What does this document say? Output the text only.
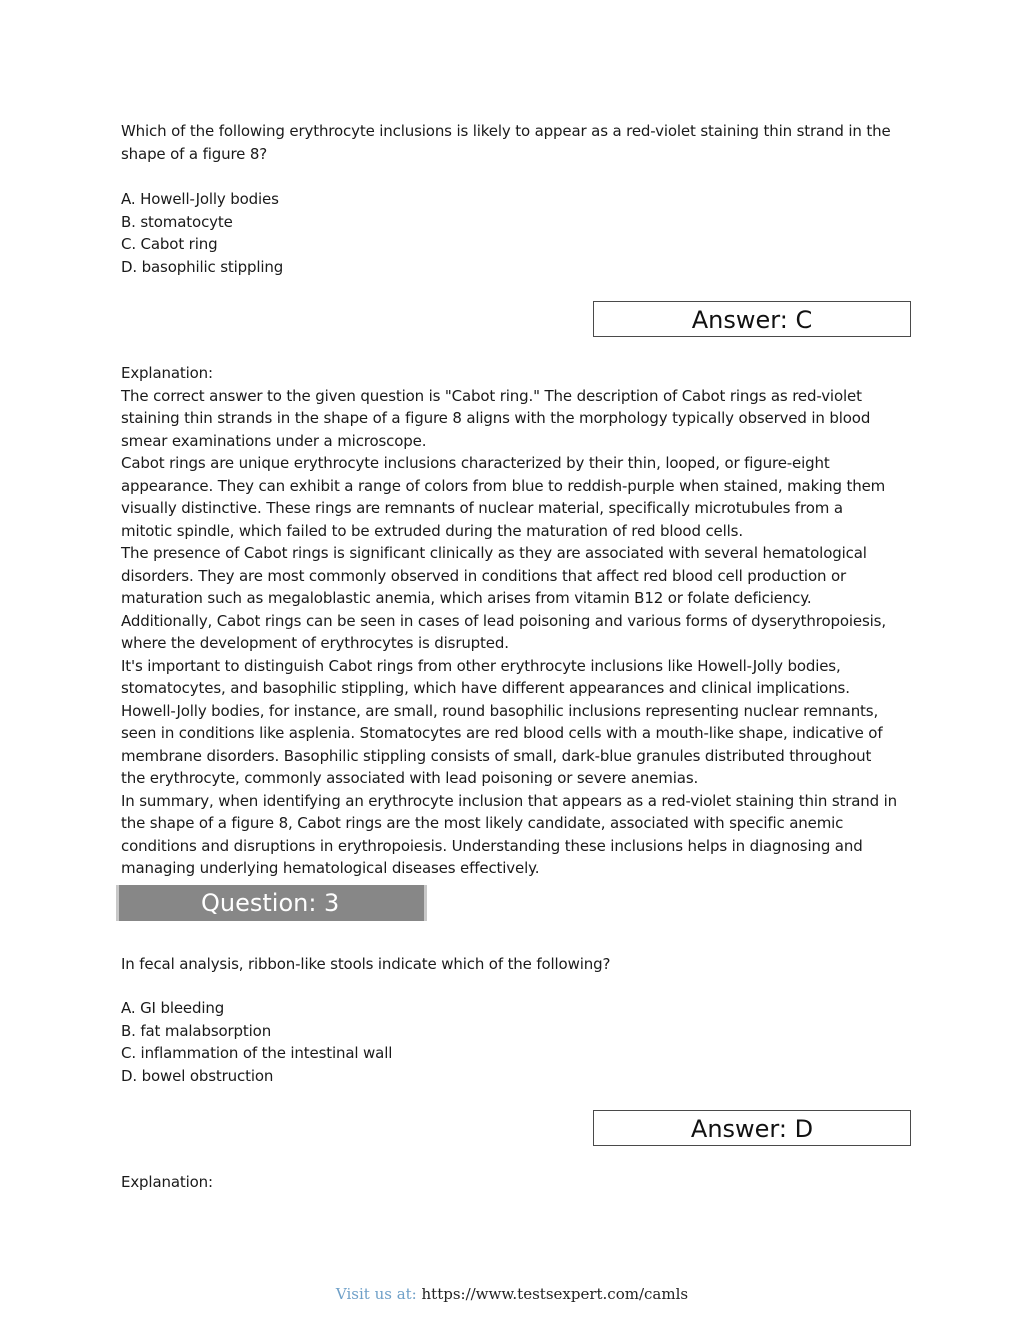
Which of the following erythrocyte inclusions is likely to appear as a red-violet staining thin strand in the
shape of a figure 8?
A. Howell-Jolly bodies
B. stomatocyte
C. Cabot ring
D. basophilic stippling
Answer: C
Explanation:
The correct answer to the given question is "Cabot ring." The description of Cabot rings as red-violet
staining thin strands in the shape of a figure 8 aligns with the morphology typically observed in blood
smear examinations under a microscope.
Cabot rings are unique erythrocyte inclusions characterized by their thin, looped, or figure-eight
appearance. They can exhibit a range of colors from blue to reddish-purple when stained, making them
visually distinctive. These rings are remnants of nuclear material, specifically microtubules from a
mitotic spindle, which failed to be extruded during the maturation of red blood cells.
The presence of Cabot rings is significant clinically as they are associated with several hematological
disorders. They are most commonly observed in conditions that affect red blood cell production or
maturation such as megaloblastic anemia, which arises from vitamin B12 or folate deficiency.
Additionally, Cabot rings can be seen in cases of lead poisoning and various forms of dyserythropoiesis,
where the development of erythrocytes is disrupted.
It's important to distinguish Cabot rings from other erythrocyte inclusions like Howell-Jolly bodies,
stomatocytes, and basophilic stippling, which have different appearances and clinical implications.
Howell-Jolly bodies, for instance, are small, round basophilic inclusions representing nuclear remnants,
seen in conditions like asplenia. Stomatocytes are red blood cells with a mouth-like shape, indicative of
membrane disorders. Basophilic stippling consists of small, dark-blue granules distributed throughout
the erythrocyte, commonly associated with lead poisoning or severe anemias.
In summary, when identifying an erythrocyte inclusion that appears as a red-violet staining thin strand in
the shape of a figure 8, Cabot rings are the most likely candidate, associated with specific anemic
conditions and disruptions in erythropoiesis. Understanding these inclusions helps in diagnosing and
managing underlying hematological diseases effectively.
Question: 3
In fecal analysis, ribbon-like stools indicate which of the following?
A. GI bleeding
B. fat malabsorption
C. inflammation of the intestinal wall
D. bowel obstruction
Answer: D
Explanation:
Visit us at: https://www.testsexpert.com/camls
